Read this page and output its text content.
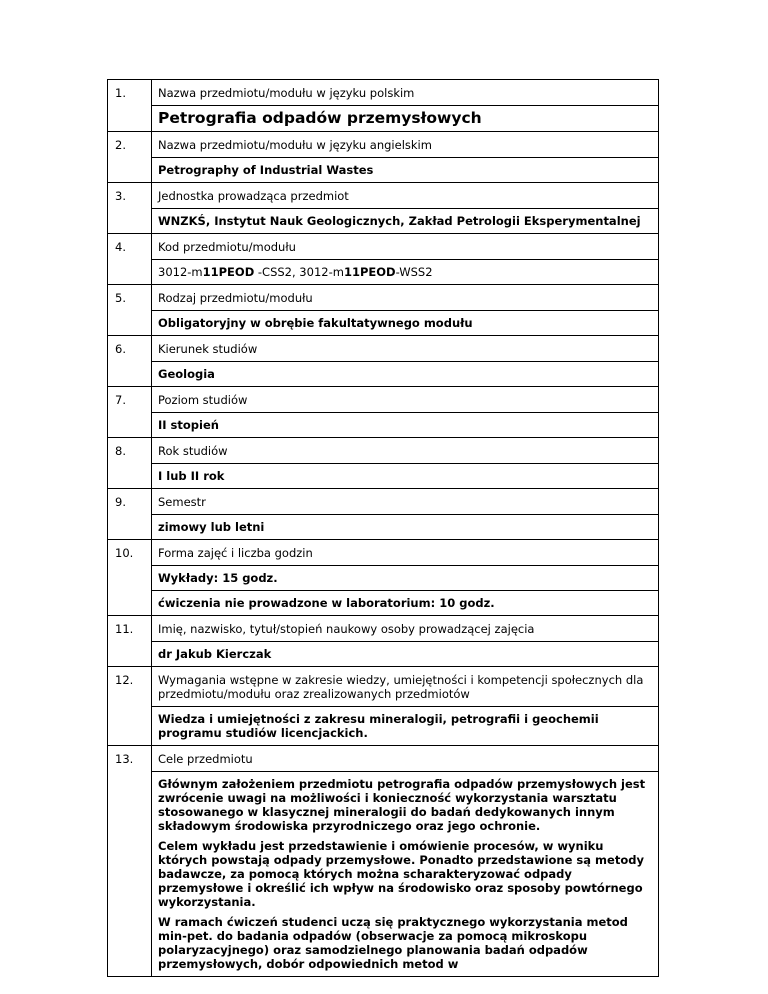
1.	Nazwa przedmiotu/modułu w języku polskim
Petrografia odpadów przemysłowych

2.	Nazwa przedmiotu/modułu w języku angielskim
Petrography of Industrial Wastes

3.	Jednostka prowadząca przedmiot
WNZKŚ, Instytut Nauk Geologicznych, Zakład Petrologii Eksperymentalnej

4.	Kod przedmiotu/modułu
3012-m11PEOD -CSS2, 3012-m11PEOD-WSS2

5.	Rodzaj przedmiotu/modułu
Obligatoryjny w obrębie fakultatywnego modułu

6.	Kierunek studiów
Geologia

7.	Poziom studiów
II stopień

8.	Rok studiów
I lub II rok

9.	Semestr
zimowy lub letni

10.	Forma zajęć i liczba godzin
Wykłady: 15 godz.
ćwiczenia nie prowadzone w laboratorium: 10 godz.

11.	Imię, nazwisko, tytuł/stopień naukowy osoby prowadzącej zajęcia
dr Jakub Kierczak

12.	Wymagania wstępne w zakresie wiedzy, umiejętności i kompetencji społecznych dla przedmiotu/modułu oraz zrealizowanych przedmiotów
Wiedza i umiejętności z zakresu mineralogii, petrografii i geochemii programu studiów licencjackich.

13.	Cele przedmiotu

Głównym założeniem przedmiotu petrografia odpadów przemysłowych jest zwrócenie uwagi na możliwości i konieczność wykorzystania warsztatu stosowanego w klasycznej mineralogii do badań dedykowanych innym składowym środowiska przyrodniczego oraz jego ochronie.

Celem wykładu jest przedstawienie i omówienie procesów, w wyniku których powstają odpady przemysłowe. Ponadto przedstawione są metody badawcze, za pomocą których można scharakteryzować odpady przemysłowe i określić ich wpływ na środowisko oraz sposoby powtórnego wykorzystania.

W ramach ćwiczeń studenci uczą się praktycznego wykorzystania metod min-pet. do badania odpadów (obserwacje za pomocą mikroskopu polaryzacyjnego) oraz samodzielnego planowania badań odpadów przemysłowych, dobór odpowiednich metod w
